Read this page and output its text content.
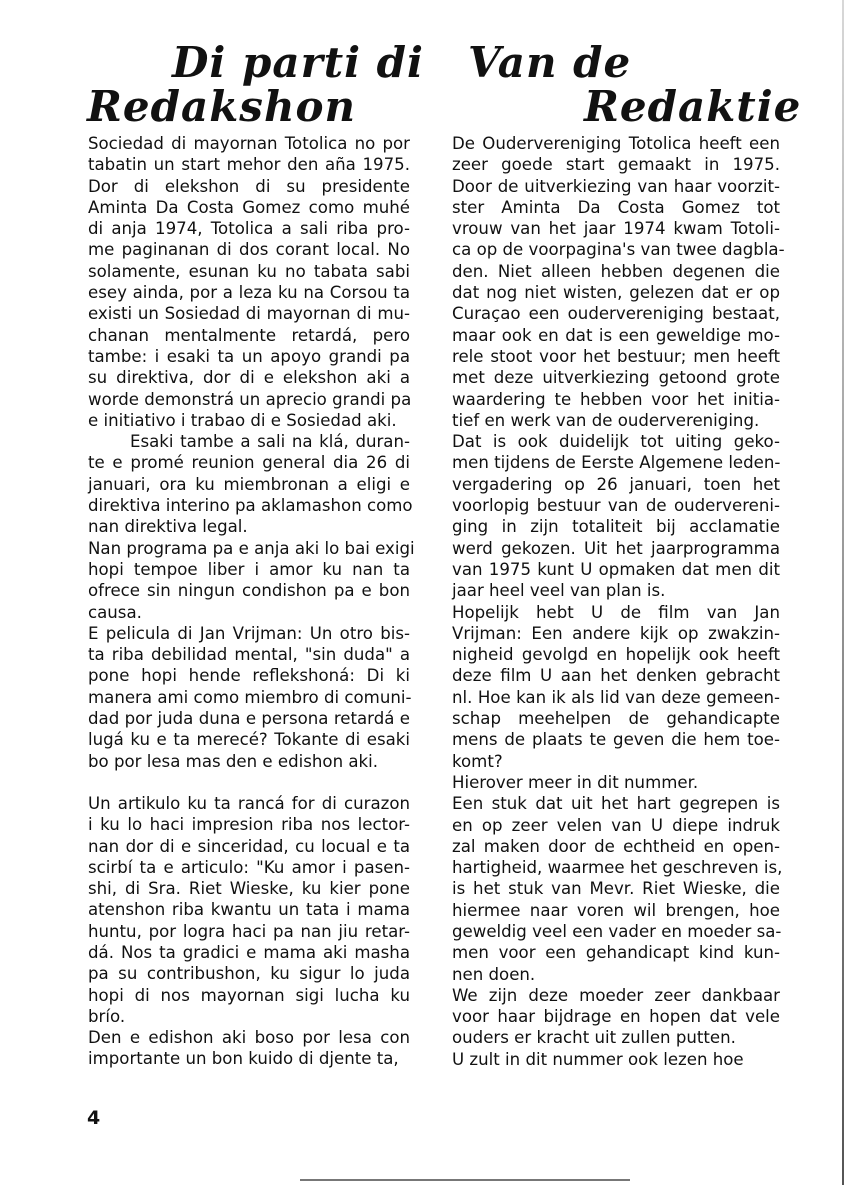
Di parti di
Redakshon
Van de
Redaktie

Sociedad di mayornan Totolica no por

tabatin un start mehor den aña 1975.

Dor di elekshon di su presidente

Aminta Da Costa Gomez como muhé

di anja 1974, Totolica a sali riba pro-

me paginanan di dos corant local. No

solamente, esunan ku no tabata sabi

esey ainda, por a leza ku na Corsou ta

existi un Sosiedad di mayornan di mu-

chanan mentalmente retardá, pero

tambe: i esaki ta un apoyo grandi pa

su direktiva, dor di e elekshon aki a

worde demonstrá un aprecio grandi pa

e initiativo i trabao di e Sosiedad aki.

Esaki tambe a sali na klá, duran-

te e promé reunion general dia 26 di

januari, ora ku miembronan a eligi e

direktiva interino pa aklamashon como

nan direktiva legal.

Nan programa pa e anja aki lo bai exigi

hopi tempoe liber i amor ku nan ta

ofrece sin ningun condishon pa e bon

causa.

E pelicula di Jan Vrijman: Un otro bis-

ta riba debilidad mental, "sin duda" a

pone hopi hende reflekshoná: Di ki

manera ami como miembro di comuni-

dad por juda duna e persona retardá e

lugá ku e ta merecé? Tokante di esaki

bo por lesa mas den e edishon aki.

Un artikulo ku ta rancá for di curazon

i ku lo haci impresion riba nos lector-

nan dor di e sinceridad, cu locual e ta

scirbí ta e articulo: "Ku amor i pasen-

shi, di Sra. Riet Wieske, ku kier pone

atenshon riba kwantu un tata i mama

huntu, por logra haci pa nan jiu retar-

dá. Nos ta gradici e mama aki masha

pa su contribushon, ku sigur lo juda

hopi di nos mayornan sigi lucha ku

brío.

Den e edishon aki boso por lesa con

importante un bon kuido di djente ta,

De Oudervereniging Totolica heeft een

zeer goede start gemaakt in 1975.

Door de uitverkiezing van haar voorzit-

ster Aminta Da Costa Gomez tot

vrouw van het jaar 1974 kwam Totoli-

ca op de voorpagina's van twee dagbla-

den. Niet alleen hebben degenen die

dat nog niet wisten, gelezen dat er op

Curaçao een oudervereniging bestaat,

maar ook en dat is een geweldige mo-

rele stoot voor het bestuur; men heeft

met deze uitverkiezing getoond grote

waardering te hebben voor het initia-

tief en werk van de oudervereniging.

Dat is ook duidelijk tot uiting geko-

men tijdens de Eerste Algemene leden-

vergadering op 26 januari, toen het

voorlopig bestuur van de oudervereni-

ging in zijn totaliteit bij acclamatie

werd gekozen. Uit het jaarprogramma

van 1975 kunt U opmaken dat men dit

jaar heel veel van plan is.

Hopelijk hebt U de film van Jan

Vrijman: Een andere kijk op zwakzin-

nigheid gevolgd en hopelijk ook heeft

deze film U aan het denken gebracht

nl. Hoe kan ik als lid van deze gemeen-

schap meehelpen de gehandicapte

mens de plaats te geven die hem toe-

komt?

Hierover meer in dit nummer.

Een stuk dat uit het hart gegrepen is

en op zeer velen van U diepe indruk

zal maken door de echtheid en open-

hartigheid, waarmee het geschreven is,

is het stuk van Mevr. Riet Wieske, die

hiermee naar voren wil brengen, hoe

geweldig veel een vader en moeder sa-

men voor een gehandicapt kind kun-

nen doen.

We zijn deze moeder zeer dankbaar

voor haar bijdrage en hopen dat vele

ouders er kracht uit zullen putten.

U zult in dit nummer ook lezen hoe

4
